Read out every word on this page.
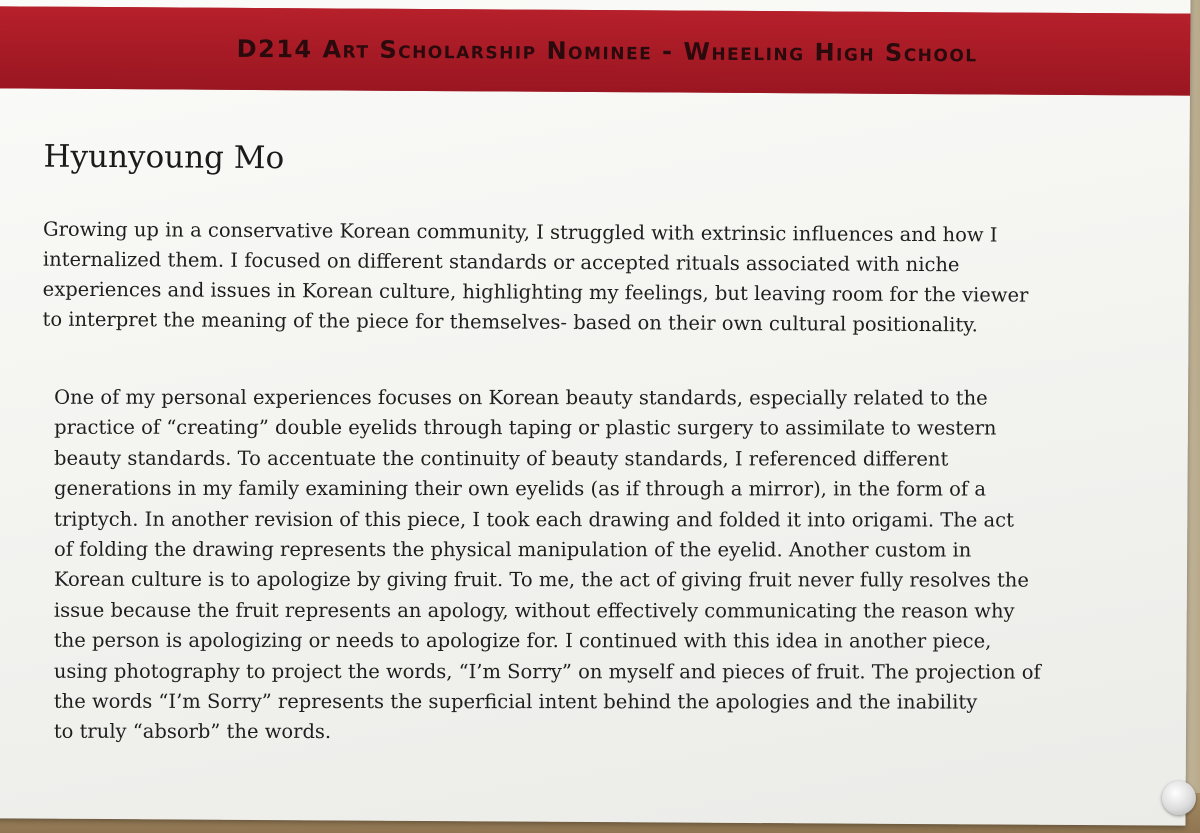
D214 Art Scholarship Nominee - Wheeling High School
Hyunyoung Mo

Growing up in a conservative Korean community, I struggled with extrinsic influences and how I
internalized them. I focused on different standards or accepted rituals associated with niche
experiences and issues in Korean culture, highlighting my feelings, but leaving room for the viewer
to interpret the meaning of the piece for themselves- based on their own cultural positionality.

One of my personal experiences focuses on Korean beauty standards, especially related to the
practice of “creating” double eyelids through taping or plastic surgery to assimilate to western
beauty standards. To accentuate the continuity of beauty standards, I referenced different
generations in my family examining their own eyelids (as if through a mirror), in the form of a
triptych. In another revision of this piece, I took each drawing and folded it into origami. The act
of folding the drawing represents the physical manipulation of the eyelid. Another custom in
Korean culture is to apologize by giving fruit. To me, the act of giving fruit never fully resolves the
issue because the fruit represents an apology, without effectively communicating the reason why
the person is apologizing or needs to apologize for. I continued with this idea in another piece,
using photography to project the words, “I’m Sorry” on myself and pieces of fruit. The projection of
the words “I’m Sorry” represents the superficial intent behind the apologies and the inability
to truly “absorb” the words.
